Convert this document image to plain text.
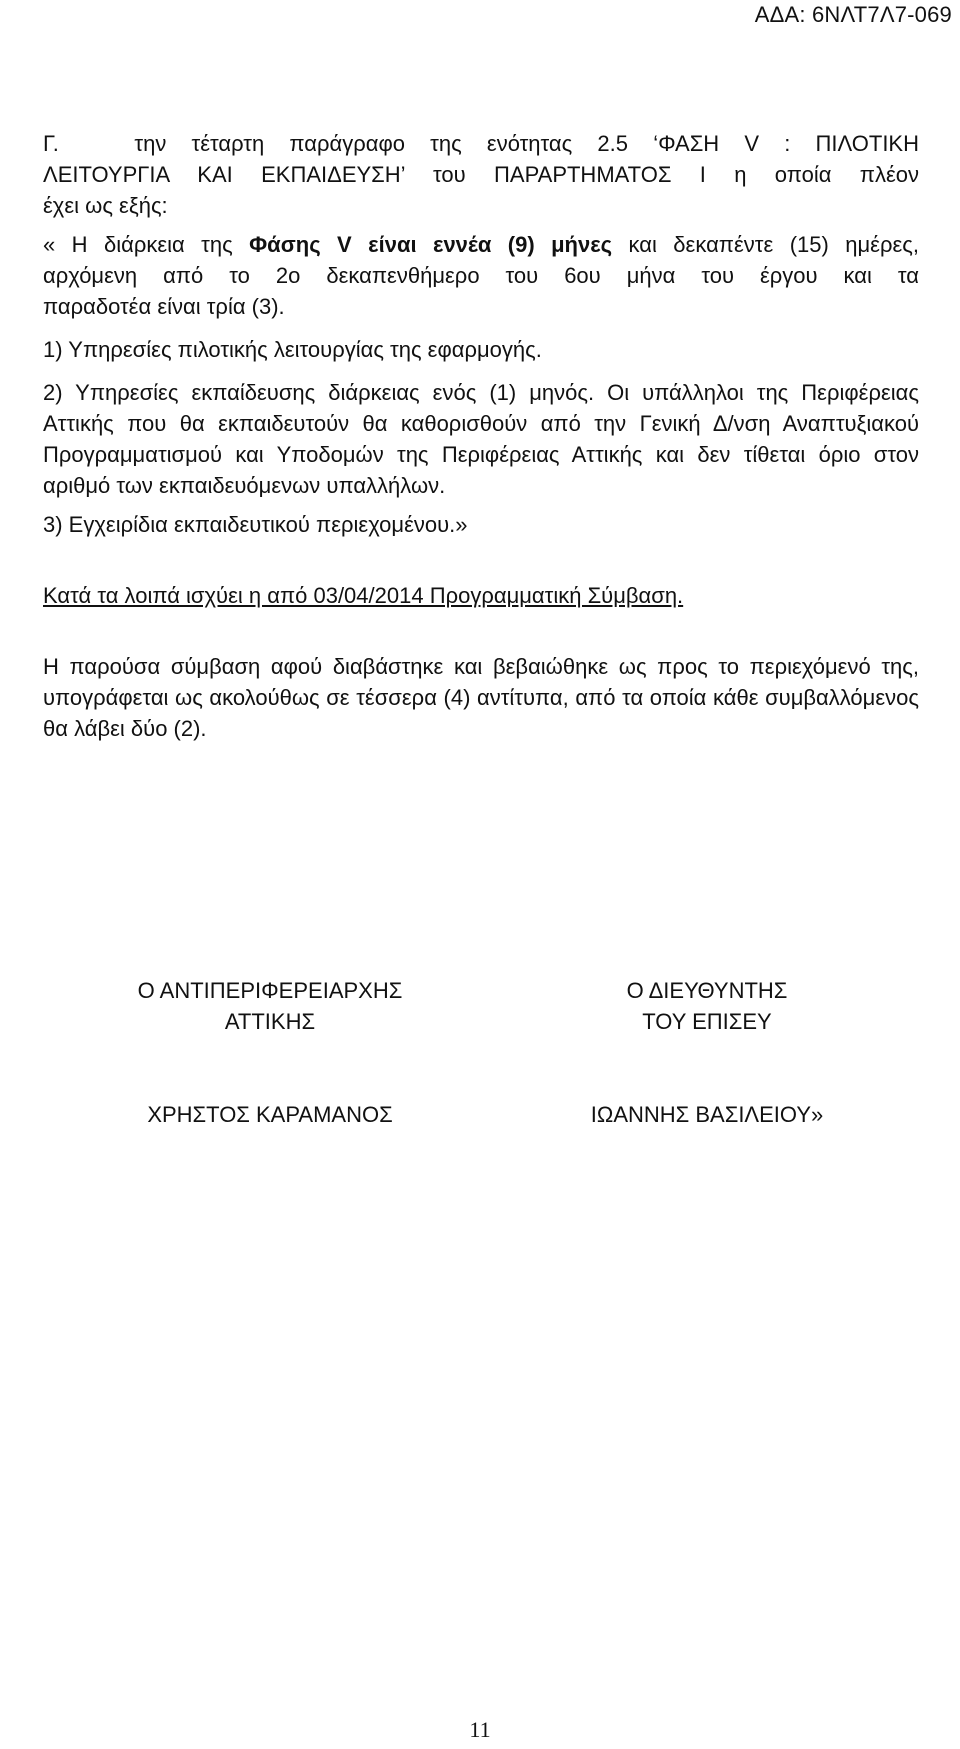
ΑΔΑ: 6ΝΛΤ7Λ7-069

Γ.   την τέταρτη παράγραφο της ενότητας 2.5 ‘ΦΑΣΗ V : ΠΙΛΟΤΙΚΗ

ΛΕΙΤΟΥΡΓΙΑ ΚΑΙ ΕΚΠΑΙΔΕΥΣΗ’ του ΠΑΡΑΡΤΗΜΑΤΟΣ Ι η οποία πλέον

έχει ως εξής:

« Η διάρκεια της Φάσης V είναι εννέα (9) μήνες και δεκαπέντε (15) ημέρες,

αρχόμενη από το 2ο δεκαπενθήμερο του 6ου μήνα του έργου και τα

παραδοτέα είναι τρία (3).

1) Υπηρεσίες πιλοτικής λειτουργίας της εφαρμογής.

2) Υπηρεσίες εκπαίδευσης διάρκειας ενός (1) μηνός. Οι υπάλληλοι της Περιφέρειας Αττικής που θα εκπαιδευτούν θα καθορισθούν από την Γενική Δ/νση Αναπτυξιακού Προγραμματισμού και Υποδομών της Περιφέρειας Αττικής και δεν τίθεται όριο στον αριθμό των εκπαιδευόμενων υπαλλήλων.

3) Εγχειρίδια εκπαιδευτικού περιεχομένου.»

Κατά τα λοιπά ισχύει η από 03/04/2014 Προγραμματική Σύμβαση.

Η παρούσα σύμβαση αφού διαβάστηκε και βεβαιώθηκε ως προς το περιεχόμενό της, υπογράφεται ως ακολούθως σε τέσσερα (4) αντίτυπα, από τα οποία κάθε συμβαλλόμενος θα λάβει δύο (2).

Ο ΑΝΤΙΠΕΡΙΦΕΡΕΙΑΡΧΗΣ
ΑΤΤΙΚΗΣ
ΧΡΗΣΤΟΣ ΚΑΡΑΜΑΝΟΣ
Ο ΔΙΕΥΘΥΝΤΗΣ
ΤΟΥ ΕΠΙΣΕΥ
ΙΩΑΝΝΗΣ ΒΑΣΙΛΕΙΟΥ»
11
